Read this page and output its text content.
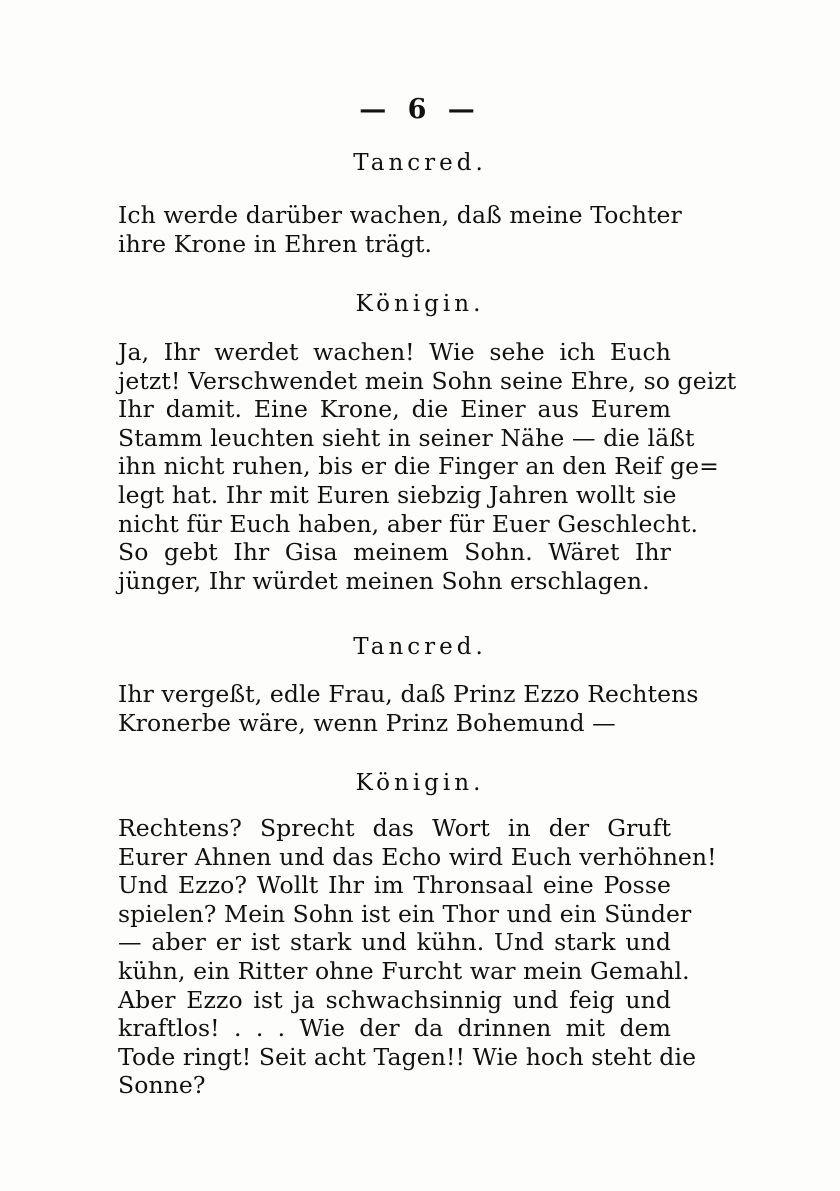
— 6 —
Tancred.

Ich werde darüber wachen, daß meine Tochter
ihre Krone in Ehren trägt.

Königin.

Ja, Ihr werdet wachen! Wie sehe ich Euch
jetzt! Verschwendet mein Sohn seine Ehre, so geizt
Ihr damit. Eine Krone, die Einer aus Eurem
Stamm leuchten sieht in seiner Nähe — die läßt
ihn nicht ruhen, bis er die Finger an den Reif ge=
legt hat. Ihr mit Euren siebzig Jahren wollt sie
nicht für Euch haben, aber für Euer Geschlecht.
So gebt Ihr Gisa meinem Sohn. Wäret Ihr
jünger, Ihr würdet meinen Sohn erschlagen.

Tancred.

Ihr vergeßt, edle Frau, daß Prinz Ezzo Rechtens
Kronerbe wäre, wenn Prinz Bohemund —

Königin.

Rechtens? Sprecht das Wort in der Gruft
Eurer Ahnen und das Echo wird Euch verhöhnen!
Und Ezzo? Wollt Ihr im Thronsaal eine Posse
spielen? Mein Sohn ist ein Thor und ein Sünder
— aber er ist stark und kühn. Und stark und
kühn, ein Ritter ohne Furcht war mein Gemahl.
Aber Ezzo ist ja schwachsinnig und feig und
kraftlos! . . . Wie der da drinnen mit dem
Tode ringt! Seit acht Tagen!! Wie hoch steht die
Sonne?
